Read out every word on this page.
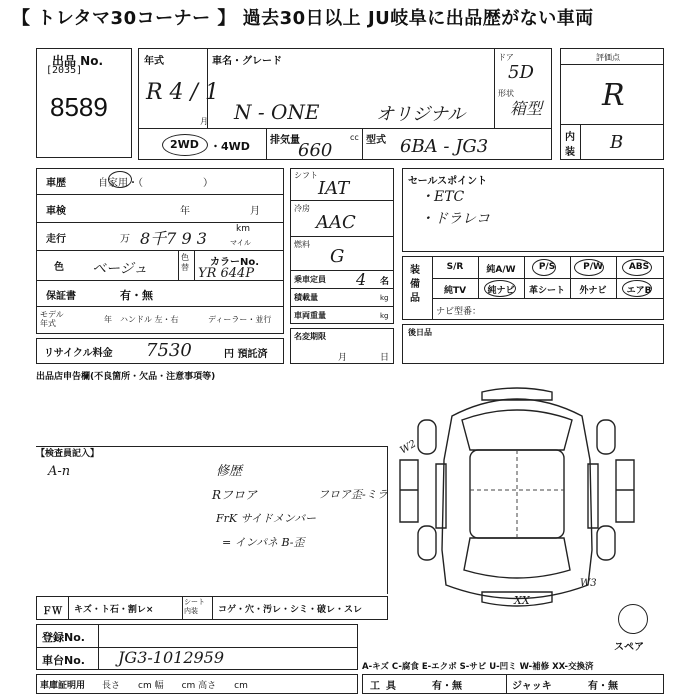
【 トレタマ30コーナー 】 過去30日以上 JU岐阜に出品歴がない車両
出品 No.
[2035]
8589
年式
R 4 / 1
月
車名・グレード
N - ONE	オリジナル
ドア
5D
形状
箱型
2WD ・4WD 排気量
660
cc 型式 6BA - JG3
評価点
R
内装 B
車歴	自家用・（　　　　　　）
車検	年	月
走行	万 8千7 9 3	km
マイル
色 ベージュ
色替 カラーNo.
YR 644P
保証書	有・無
モデル年式	年 ハンドル 左・右	ディーラー・並行
リサイクル料金 7530	円 預託済
シフト
IAT
冷房
AAC
燃料
G
乗車定員 4 名
積載量	kg
車両重量	kg
名変期限
月	日
セールスポイント
・ETC
・ドラレコ
装備品
S/R	純A/W	P/S	P/W	ABS
純TV	純ナビ	革シート	外ナビ	エアB
ナビ型番：
後日品
出品店申告欄(不良箇所・欠品・注意事項等)
【検査員記入】
A-n	修歴
Rフロア
FrK サイドメンバー
= インパネ B-歪
フロア歪-ミラ
W2
XX
W3
スペア
ＦＷ キズ・ト石・割レ×
シート内装	コゲ・穴・汚レ・シミ・破レ・スレ
登録No.
車台No. JG3-1012959
車庫証明用 長さ　　cm 幅　　cm 高さ　　cm
A-キズ C-腐食 E-エクボ S-サビ U-凹ミ W-補修 XX-交換済
工具	有・無	ジャッキ	有・無
